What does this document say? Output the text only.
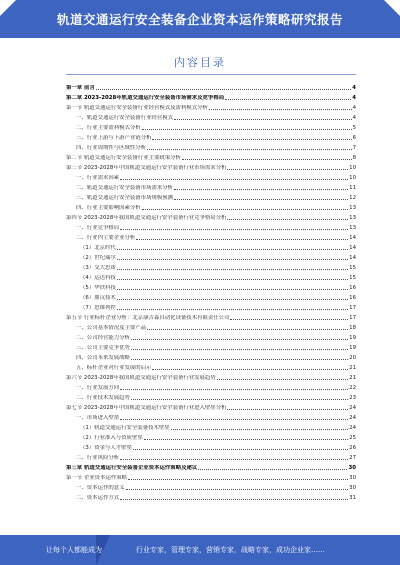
轨道交通运行安全装备企业资本运作策略研究报告
内容目录
第一章 前言	4
第二章 2023-2028年轨道交通运行安全装备市场需求及竞争格局	4
第一节 轨道交通运行安全装备行业经营模式及盈利模式分析	4
一、轨道交通运行安全装备行业经营模式	4
二、行业主要盈利模式分析	5
三、行业上游与下游产业链分析	6
四、行业周期性与区域性分析	7
第二节 轨道交通运行安全装备行业主要政策分析	8
第三节 2023-2028年中国轨道交通运行安全装备行业市场需求分析	10
一、行业需求因素	10
二、轨道交通运行安全装备市场需求分析	11
三、轨道交通运行安全装备市场规模预测	12
四、行业主要影响因素分析	13
第四节 2023-2028年我国轨道交通运行安全装备行业竞争格局分析	13
一、行业竞争格局	13
二、行业内主要企业分析	14
（1）北京时代	14
（2）世纪瑞尔	14
（3）交大思诺	15
（4）运达科技	15
（5）华铁科技	16
（6）鼎汉技术	16
（7）思维列控	17
第五节 行业标杆企业分析：北京康吉森自动化设备技术有限责任公司	17
一、公司基本情况及主要产品	18
二、公司经营能力分析	19
三、公司主要竞争优势	19
四、公司未来发展战略	20
五、标杆企业对行业发展的启示	21
第六节 2023-2028年我国轨道交通运行安全装备行业发展趋势	21
一、行业发展方向	22
二、行业技术发展趋势	23
第七节 2023-2028年中国轨道交通运行安全装备行业进入壁垒分析	24
一、市场进入壁垒	24
（1）轨道交通运行安全装备技术壁垒	24
（2）行业准入与资质壁垒	25
（3）资金与人才壁垒	26
二、行业风险分析	27
第三章 轨道交通运行安全装备企业资本运作策略及建议	30
第一节 企业资本运作策略	30
一、资本运作的意义	30
二、资本运作方式	31
让每个人都能成为	行业专家，管理专家，营销专家，战略专家，成功企业家……
